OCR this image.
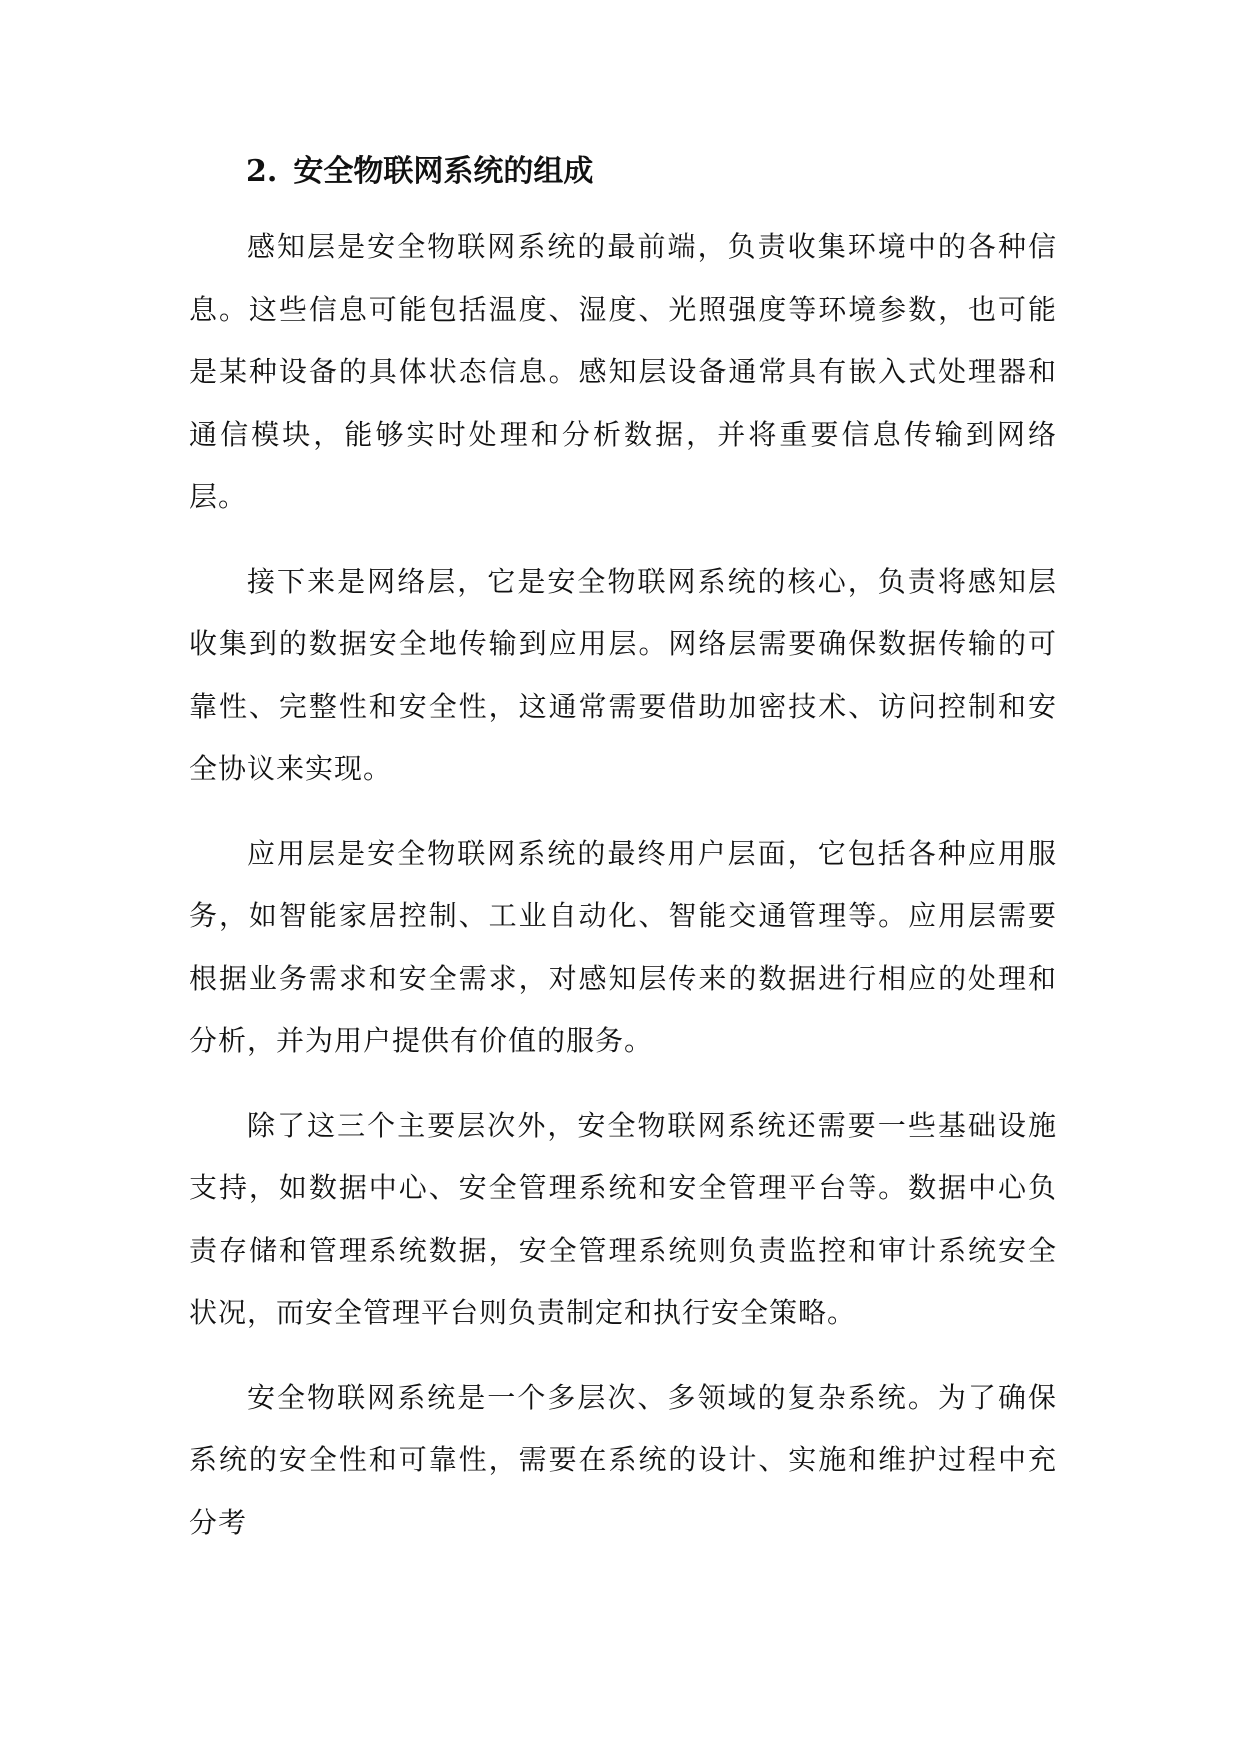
2. 安全物联网系统的组成

感知层是安全物联网系统的最前端，负责收集环境中的各种信息。这些信息可能包括温度、湿度、光照强度等环境参数，也可能是某种设备的具体状态信息。感知层设备通常具有嵌入式处理器和通信模块，能够实时处理和分析数据，并将重要信息传输到网络层。

接下来是网络层，它是安全物联网系统的核心，负责将感知层收集到的数据安全地传输到应用层。网络层需要确保数据传输的可靠性、完整性和安全性，这通常需要借助加密技术、访问控制和安全协议来实现。

应用层是安全物联网系统的最终用户层面，它包括各种应用服务，如智能家居控制、工业自动化、智能交通管理等。应用层需要根据业务需求和安全需求，对感知层传来的数据进行相应的处理和分析，并为用户提供有价值的服务。

除了这三个主要层次外，安全物联网系统还需要一些基础设施支持，如数据中心、安全管理系统和安全管理平台等。数据中心负责存储和管理系统数据，安全管理系统则负责监控和审计系统安全状况，而安全管理平台则负责制定和执行安全策略。

安全物联网系统是一个多层次、多领域的复杂系统。为了确保系统的安全性和可靠性，需要在系统的设计、实施和维护过程中充分考
